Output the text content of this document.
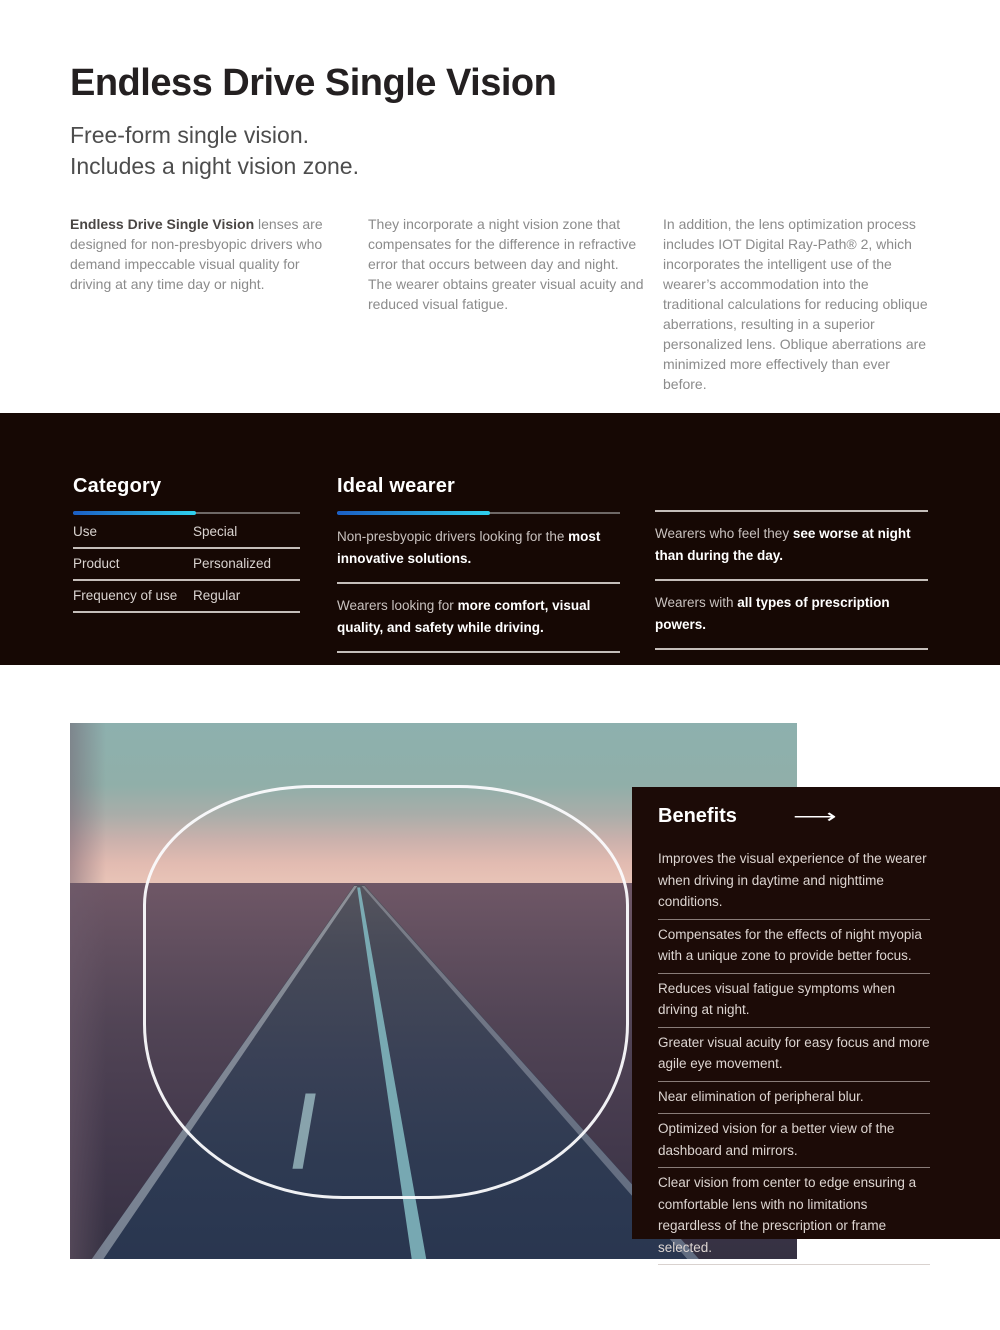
Endless Drive Single Vision
Free-form single vision.
Includes a night vision zone.

Endless Drive Single Vision lenses are designed for non-presbyopic drivers who demand impeccable visual quality for driving at any time day or night.

They incorporate a night vision zone that compensates for the difference in refractive error that occurs between day and night. The wearer obtains greater visual acuity and reduced visual fatigue.

In addition, the lens optimization process includes IOT Digital Ray-Path® 2, which incorporates the intelligent use of the wearer’s accommodation into the traditional calculations for reducing oblique aberrations, resulting in a superior personalized lens. Oblique aberrations are minimized more effectively than ever before.

Category
Use	Special
Product	Personalized
Frequency of use	Regular
Ideal wearer
Non-presbyopic drivers looking for the most innovative solutions.
Wearers looking for more comfort, visual quality, and safety while driving.
Wearers who feel they see worse at night than during the day.
Wearers with all types of prescription powers.
Benefits	⟶
Improves the visual experience of the wearer when driving in daytime and nighttime conditions.
Compensates for the effects of night myopia with a unique zone to provide better focus.
Reduces visual fatigue symptoms when driving at night.
Greater visual acuity for easy focus and more agile eye movement.
Near elimination of peripheral blur.
Optimized vision for a better view of the dashboard and mirrors.
Clear vision from center to edge ensuring a comfortable lens with no limitations regardless of the prescription or frame selected.
